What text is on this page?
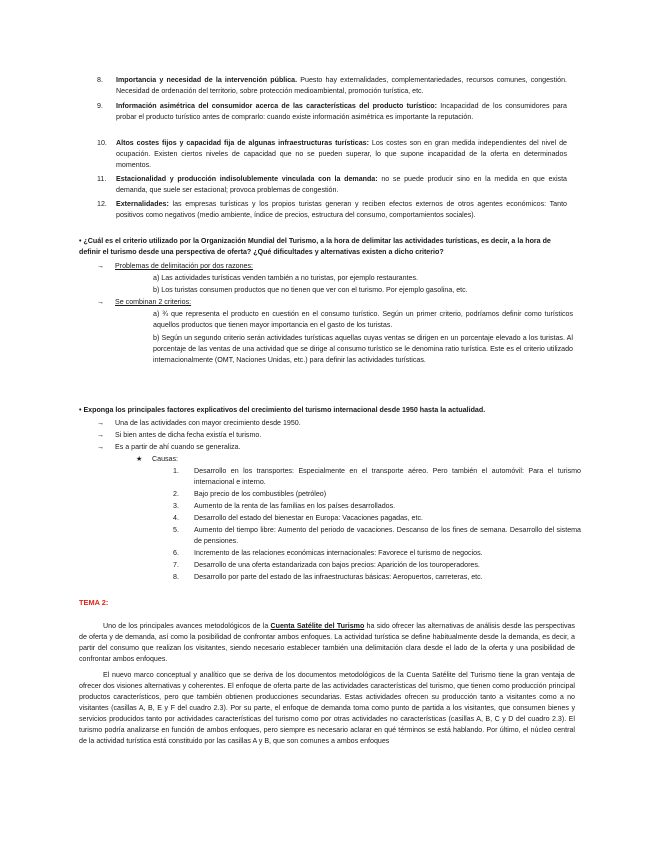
8.	Importancia y necesidad de la intervención pública. Puesto hay externalidades, complementariedades, recursos comunes, congestión. Necesidad de ordenación del territorio, sobre protección medioambiental, promoción turística, etc.
9.	Información asimétrica del consumidor acerca de las características del producto turístico: Incapacidad de los consumidores para probar el producto turístico antes de comprarlo: cuando existe información asimétrica es importante la reputación.
10.	Altos costes fijos y capacidad fija de algunas infraestructuras turísticas: Los costes son en gran medida independientes del nivel de ocupación. Existen ciertos niveles de capacidad que no se pueden superar, lo que supone incapacidad de la oferta en determinados momentos.
11.	Estacionalidad y producción indisolublemente vinculada con la demanda: no se puede producir sino en la medida en que exista demanda, que suele ser estacional; provoca problemas de congestión.
12.	Externalidades: las empresas turísticas y los propios turistas generan y reciben efectos externos de otros agentes económicos: Tanto positivos como negativos (medio ambiente, índice de precios, estructura del consumo, comportamientos sociales).
• ¿Cuál es el criterio utilizado por la Organización Mundial del Turismo, a la hora de delimitar las actividades turísticas, es decir, a la hora de definir el turismo desde una perspectiva de oferta? ¿Qué dificultades y alternativas existen a dicho criterio?
→ Problemas de delimitación por dos razones:
a) Las actividades turísticas venden también a no turistas, por ejemplo restaurantes.
b) Los turistas consumen productos que no tienen que ver con el turismo. Por ejemplo gasolina, etc.
→ Se combinan 2 criterios:
a) ¾ que representa el producto en cuestión en el consumo turístico. Según un primer criterio, podríamos definir como turísticos aquellos productos que tienen mayor importancia en el gasto de los turistas.
b) Según un segundo criterio serán actividades turísticas aquellas cuyas ventas se dirigen en un porcentaje elevado a los turistas. Al porcentaje de las ventas de una actividad que se dirige al consumo turístico se le denomina ratio turística. Este es el criterio utilizado internacionalmente (OMT, Naciones Unidas, etc.) para definir las actividades turísticas.
• Exponga los principales factores explicativos del crecimiento del turismo internacional desde 1950 hasta la actualidad.
→ Una de las actividades con mayor crecimiento desde 1950.
→ Si bien antes de dicha fecha existía el turismo.
→ Es a partir de ahí cuando se generaliza.
★ Causas:
1. Desarrollo en los transportes: Especialmente en el transporte aéreo. Pero también el automóvil: Para el turismo internacional e interno.
2. Bajo precio de los combustibles (petróleo)
3. Aumento de la renta de las familias en los países desarrollados.
4. Desarrollo del estado del bienestar en Europa: Vacaciones pagadas, etc.
5. Aumento del tiempo libre: Aumento del periodo de vacaciones. Descanso de los fines de semana. Desarrollo del sistema de pensiones.
6. Incremento de las relaciones económicas internacionales: Favorece el turismo de negocios.
7. Desarrollo de una oferta estandarizada con bajos precios: Aparición de los touroperadores.
8. Desarrollo por parte del estado de las infraestructuras básicas: Aeropuertos, carreteras, etc.
TEMA 2:
Uno de los principales avances metodológicos de la Cuenta Satélite del Turismo ha sido ofrecer las alternativas de análisis desde las perspectivas de oferta y de demanda, así como la posibilidad de confrontar ambos enfoques. La actividad turística se define habitualmente desde la demanda, es decir, a partir del consumo que realizan los visitantes, siendo necesario establecer también una delimitación clara desde el lado de la oferta y una posibilidad de confrontar ambos enfoques.
El nuevo marco conceptual y analítico que se deriva de los documentos metodológicos de la Cuenta Satélite del Turismo tiene la gran ventaja de ofrecer dos visiones alternativas y coherentes. El enfoque de oferta parte de las actividades características del turismo, que tienen como producción principal productos característicos, pero que también obtienen producciones secundarias. Estas actividades ofrecen su producción tanto a visitantes como a no visitantes (casillas A, B, E y F del cuadro 2.3). Por su parte, el enfoque de demanda toma como punto de partida a los visitantes, que consumen bienes y servicios producidos tanto por actividades características del turismo como por otras actividades no características (casillas A, B, C y D del cuadro 2.3). El turismo podría analizarse en función de ambos enfoques, pero siempre es necesario aclarar en qué términos se está hablando. Por último, el núcleo central de la actividad turística está constituido por las casillas A y B, que son comunes a ambos enfoques
